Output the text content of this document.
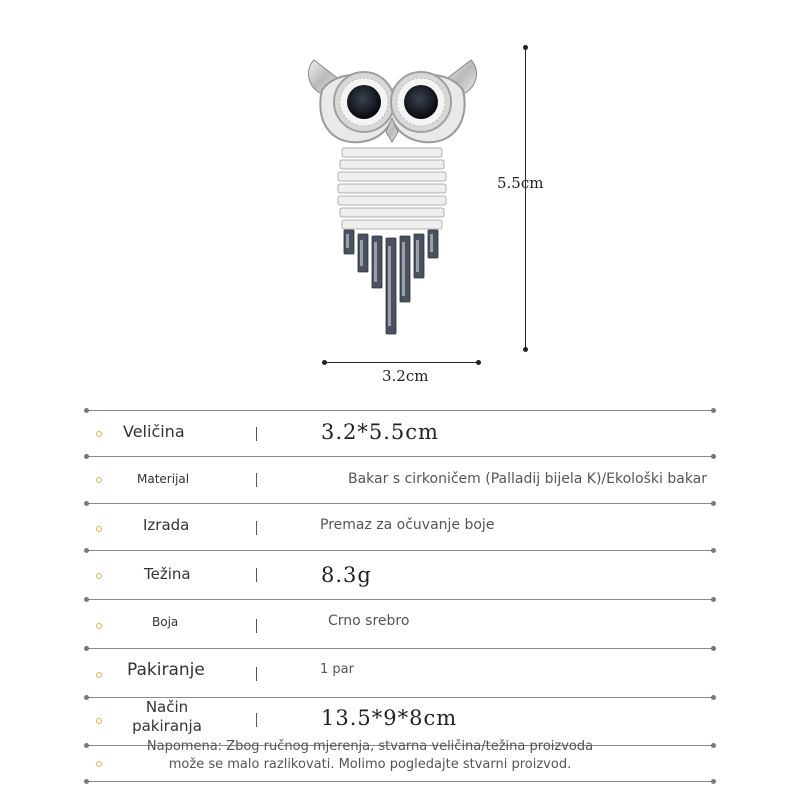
5.5cm
3.2cm
Veličina	3.2*5.5cm
Materijal	Bakar s cirkoničem (Palladij bijela K)/Ekološki bakar
Izrada	Premaz za očuvanje boje
Težina	8.3g
Boja	Crno srebro
Pakiranje	1 par
Način
pakiranja	13.5*9*8cm
Napomena: Zbog ručnog mjerenja, stvarna veličina/težina proizvoda
može se malo razlikovati. Molimo pogledajte stvarni proizvod.
